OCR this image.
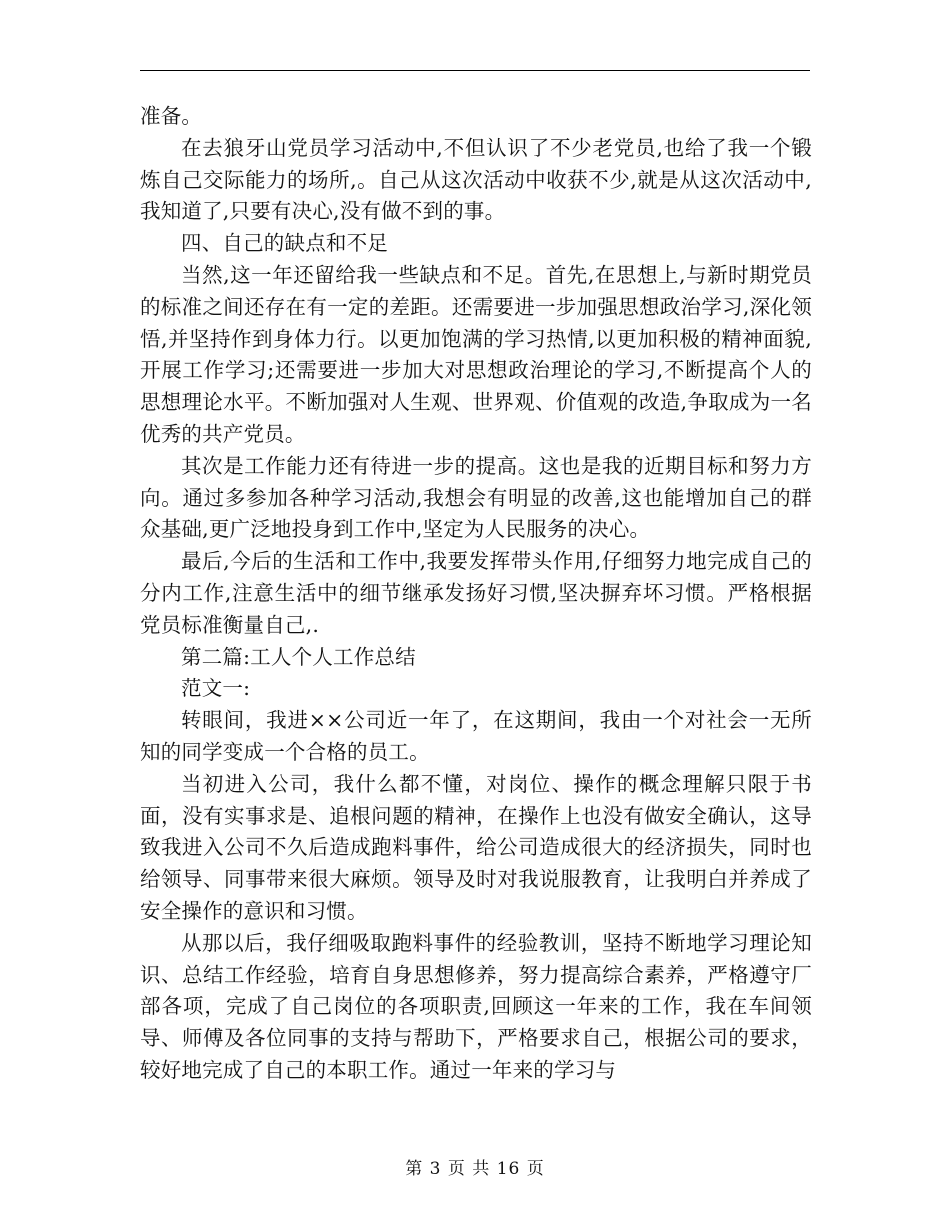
准备。

在去狼牙山党员学习活动中,不但认识了不少老党员,也给了我一个锻炼自己交际能力的场所,。自己从这次活动中收获不少,就是从这次活动中,我知道了,只要有决心,没有做不到的事。

四、自己的缺点和不足

当然,这一年还留给我一些缺点和不足。首先,在思想上,与新时期党员的标准之间还存在有一定的差距。还需要进一步加强思想政治学习,深化领悟,并坚持作到身体力行。以更加饱满的学习热情,以更加积极的精神面貌,开展工作学习;还需要进一步加大对思想政治理论的学习,不断提高个人的思想理论水平。不断加强对人生观、世界观、价值观的改造,争取成为一名优秀的共产党员。

其次是工作能力还有待进一步的提高。这也是我的近期目标和努力方向。通过多参加各种学习活动,我想会有明显的改善,这也能增加自己的群众基础,更广泛地投身到工作中,坚定为人民服务的决心。

最后,今后的生活和工作中,我要发挥带头作用,仔细努力地完成自己的分内工作,注意生活中的细节继承发扬好习惯,坚决摒弃坏习惯。严格根据党员标准衡量自己,.

第二篇:工人个人工作总结

范文一:

转眼间，我进××公司近一年了，在这期间，我由一个对社会一无所知的同学变成一个合格的员工。

当初进入公司，我什么都不懂，对岗位、操作的概念理解只限于书面，没有实事求是、追根问题的精神，在操作上也没有做安全确认，这导致我进入公司不久后造成跑料事件，给公司造成很大的经济损失，同时也给领导、同事带来很大麻烦。领导及时对我说服教育，让我明白并养成了安全操作的意识和习惯。

从那以后，我仔细吸取跑料事件的经验教训，坚持不断地学习理论知识、总结工作经验，培育自身思想修养，努力提高综合素养，严格遵守厂部各项，完成了自己岗位的各项职责,回顾这一年来的工作，我在车间领导、师傅及各位同事的支持与帮助下，严格要求自己，根据公司的要求，较好地完成了自己的本职工作。通过一年来的学习与

第 3 页 共 16 页
